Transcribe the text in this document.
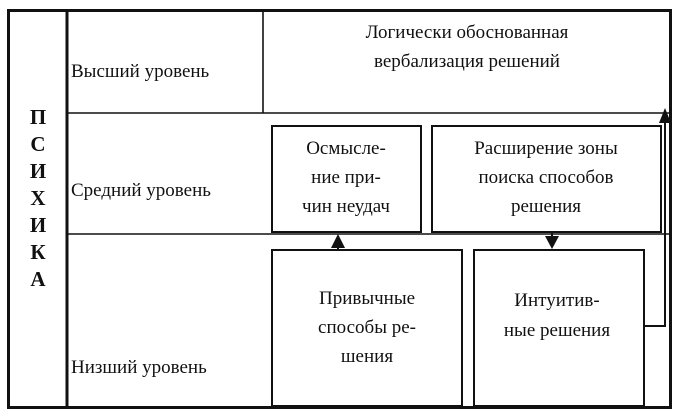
П
С
И
Х
И
К
А
Высший уровень
Средний уровень
Низший уровень
Логически обоснованная
вербализация решений
Осмысле-
ние при-
чин неудач
Расширение зоны
поиска способов
решения
Привычные
способы ре-
шения
Интуитив-
ные решения
